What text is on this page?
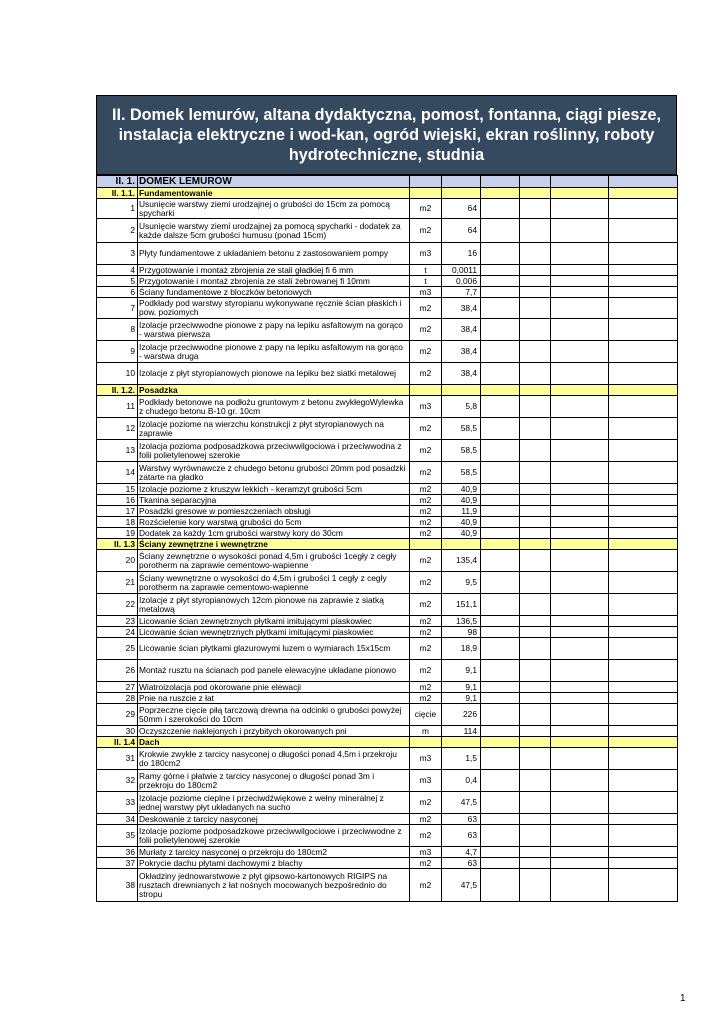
II. Domek lemurów, altana dydaktyczna, pomost, fontanna, ciągi piesze, instalacja elektryczne i wod-kan, ogród wiejski, ekran roślinny, roboty hydrotechniczne, studnia
II. 1.	DOMEK LEMURÓW						
II. 1.1.	Fundamentowanie						
1	Usunięcie warstwy ziemi urodzajnej o grubości do 15cm za pomocą spycharki	m2	64				
2	Usunięcie warstwy ziemi urodzajnej za pomocą spycharki - dodatek za każde dalsze 5cm grubości humusu (ponad 15cm)	m2	64				
3	Płyty fundamentowe z układaniem betonu z zastosowaniem pompy	m3	16				
4	Przygotowanie i montaż zbrojenia ze stali gładkiej fi 6 mm	t	0,0011				
5	Przygotowanie i montaż zbrojenia ze stali żebrowanej fi 10mm	t	0,006				
6	Ściany fundamentowe z bloczków betonowych	m3	7,7				
7	Podkłady pod warstwy styropianu wykonywane ręcznie ścian płaskich i pow. poziomych	m2	38,4				
8	Izolacje przeciwwodne pionowe z papy na lepiku asfaltowym na gorąco - warstwa pierwsza	m2	38,4				
9	Izolacje przeciwwodne pionowe z papy na lepiku asfaltowym na gorąco - warstwa druga	m2	38,4				
10	Izolacje z płyt styropianowych pionowe na lepiku bez siatki metalowej	m2	38,4				
II. 1.2.	Posadzka						
11	Podkłady betonowe na podłożu gruntowym z betonu zwykłegoWylewka z chudego betonu B-10 gr. 10cm	m3	5,8				
12	Izolacje poziome na wierzchu konstrukcji z płyt styropianowych na zaprawie	m2	58,5				
13	Izolacja pozioma podposadzkowa przeciwwilgociowa i przeciwwodna z folii polietylenowej szerokie	m2	58,5				
14	Warstwy wyrównawcze z chudego betonu grubości 20mm pod posadzki zatarte na gładko	m2	58,5				
15	Izolacje poziome z kruszyw lekkich - keramzyt grubości 5cm	m2	40,9				
16	Tkanina separacyjna	m2	40,9				
17	Posadzki gresowe w pomieszczeniach obsługi	m2	11,9				
18	Rozścielenie kory warstwą grubości do 5cm	m2	40,9				
19	Dodatek za każdy 1cm grubości warstwy kory do 30cm	m2	40,9				
II. 1.3	Ściany zewnętrzne i wewnętrzne						
20	Ściany zewnętrzne o wysokości ponad 4,5m i grubości 1cegły z cegły porotherm na zaprawie cementowo-wapienne	m2	135,4				
21	Ściany wewnętrzne o wysokości do 4,5m i grubości 1 cegły z cegły porotherm na zaprawie cementowo-wapienne	m2	9,5				
22	Izolacje z płyt styropianowych 12cm pionowe na zaprawie z siatką metalową	m2	151,1				
23	Licowanie ścian zewnętrznych płytkami imitującymi piaskowiec	m2	136,5				
24	Licowanie ścian wewnętrznych płytkami imitującymi piaskowiec	m2	98				
25	Licowanie ścian płytkami glazurowymi luzem o wymiarach 15x15cm	m2	18,9				
26	Montaż rusztu na ścianach pod panele elewacyjne układane pionowo	m2	9,1				
27	Wiatroizolacja pod okorowane pnie elewacji	m2	9,1				
28	Pnie na ruszcie z łat	m2	9,1				
29	Poprzeczne cięcie piłą tarczową drewna na odcinki o grubości powyżej 50mm i szerokości do 10cm	cięcie	226				
30	Oczyszczenie naklejonych i przybitych okorowanych pni	m	114				
II. 1.4	Dach						
31	Krokwie zwykłe z tarcicy nasyconej o długości ponad 4,5m i przekroju do 180cm2	m3	1,5				
32	Ramy górne i płatwie z tarcicy nasyconej o długości ponad 3m i przekroju do 180cm2	m3	0,4				
33	Izolacje poziome cieplne i przeciwdźwiękowe z wełny mineralnej z jednej warstwy płyt układanych na sucho	m2	47,5				
34	Deskowanie z tarcicy nasyconej	m2	63				
35	Izolacje poziome podposadzkowe przeciwwilgociowe i przeciwwodne z folii polietylenowej szerokie	m2	63				
36	Murłaty z tarcicy nasyconej o przekroju do 180cm2	m3	4,7				
37	Pokrycie dachu płytami dachowymi z blachy	m2	63				
38	Okładziny jednowarstwowe z płyt gipsowo-kartonowych RIGIPS na rusztach drewnianych z łat nośnych mocowanych bezpośrednio do stropu	m2	47,5				
1
